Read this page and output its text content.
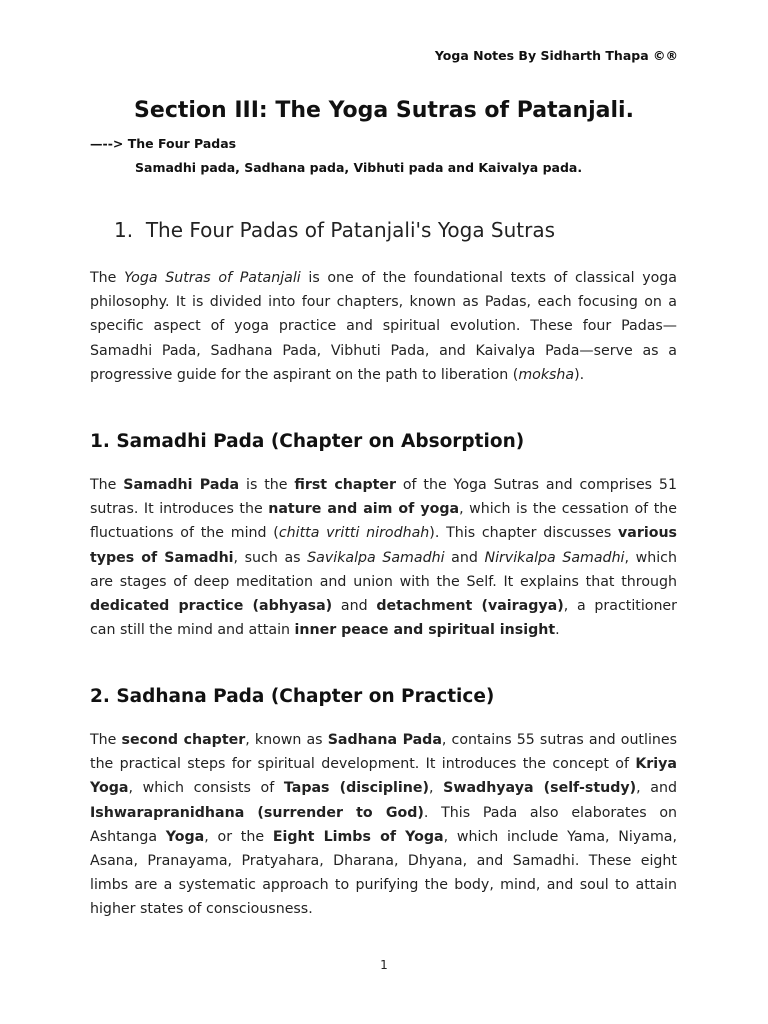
Yoga Notes By Sidharth Thapa ©®
Section III: The Yoga Sutras of Patanjali.
—--> The Four Padas
Samadhi pada, Sadhana pada, Vibhuti pada and Kaivalya pada.
1. The Four Padas of Patanjali's Yoga Sutras

The Yoga Sutras of Patanjali is one of the foundational texts of classical yoga philosophy. It is divided into four chapters, known as Padas, each focusing on a specific aspect of yoga practice and spiritual evolution. These four Padas—Samadhi Pada, Sadhana Pada, Vibhuti Pada, and Kaivalya Pada—serve as a progressive guide for the aspirant on the path to liberation (moksha).

1. Samadhi Pada (Chapter on Absorption)

The Samadhi Pada is the first chapter of the Yoga Sutras and comprises 51 sutras. It introduces the nature and aim of yoga, which is the cessation of the fluctuations of the mind (chitta vritti nirodhah). This chapter discusses various types of Samadhi, such as Savikalpa Samadhi and Nirvikalpa Samadhi, which are stages of deep meditation and union with the Self. It explains that through dedicated practice (abhyasa) and detachment (vairagya), a practitioner can still the mind and attain inner peace and spiritual insight.

2. Sadhana Pada (Chapter on Practice)

The second chapter, known as Sadhana Pada, contains 55 sutras and outlines the practical steps for spiritual development. It introduces the concept of Kriya Yoga, which consists of Tapas (discipline), Swadhyaya (self-study), and Ishwarapranidhana (surrender to God). This Pada also elaborates on Ashtanga Yoga, or the Eight Limbs of Yoga, which include Yama, Niyama, Asana, Pranayama, Pratyahara, Dharana, Dhyana, and Samadhi. These eight limbs are a systematic approach to purifying the body, mind, and soul to attain higher states of consciousness.

1
